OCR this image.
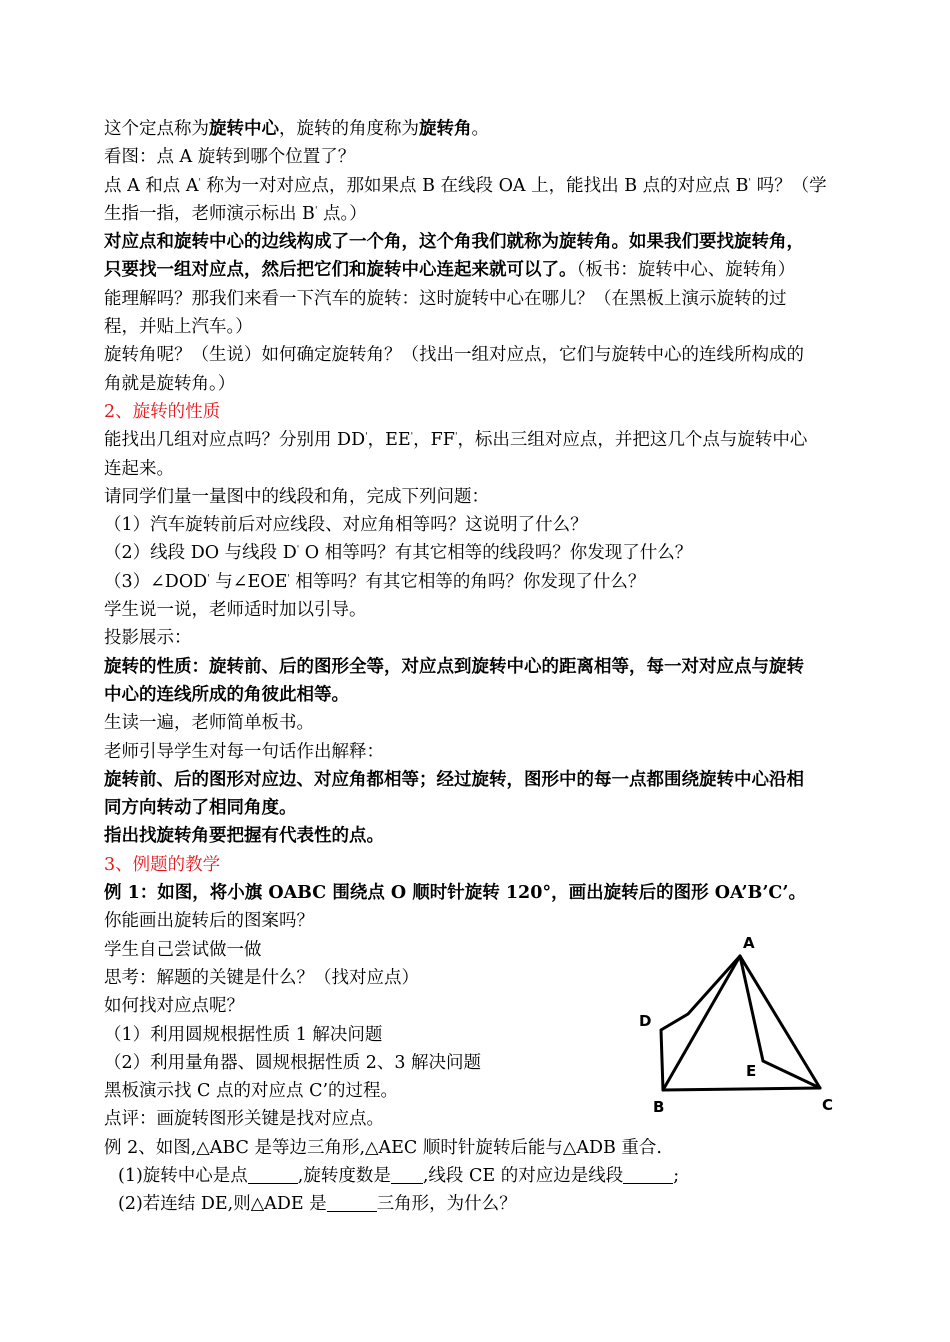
这个定点称为旋转中心，旋转的角度称为旋转角。
看图：点 A 旋转到哪个位置了？
点 A 和点 A' 称为一对对应点，那如果点 B 在线段 OA 上，能找出 B 点的对应点 B' 吗？（学
生指一指，老师演示标出 B' 点。）
对应点和旋转中心的边线构成了一个角，这个角我们就称为旋转角。如果我们要找旋转角，
只要找一组对应点，然后把它们和旋转中心连起来就可以了。（板书：旋转中心、旋转角）
能理解吗？那我们来看一下汽车的旋转：这时旋转中心在哪儿？（在黑板上演示旋转的过
程，并贴上汽车。）
旋转角呢？（生说）如何确定旋转角？（找出一组对应点，它们与旋转中心的连线所构成的
角就是旋转角。）
2、旋转的性质
能找出几组对应点吗？分别用 DD'，EE'，FF'，标出三组对应点，并把这几个点与旋转中心
连起来。
请同学们量一量图中的线段和角，完成下列问题：
（1）汽车旋转前后对应线段、对应角相等吗？这说明了什么？
（2）线段 DO 与线段 D' O 相等吗？有其它相等的线段吗？你发现了什么？
（3）∠DOD' 与∠EOE' 相等吗？有其它相等的角吗？你发现了什么？
学生说一说，老师适时加以引导。
投影展示：
旋转的性质：旋转前、后的图形全等，对应点到旋转中心的距离相等，每一对对应点与旋转
中心的连线所成的角彼此相等。
生读一遍，老师简单板书。
老师引导学生对每一句话作出解释：
旋转前、后的图形对应边、对应角都相等；经过旋转，图形中的每一点都围绕旋转中心沿相
同方向转动了相同角度。
指出找旋转角要把握有代表性的点。
3、例题的教学
例 1：如图，将小旗 OABC 围绕点 O 顺时针旋转 120°，画出旋转后的图形 OA’B’C’。
你能画出旋转后的图案吗？
学生自己尝试做一做
思考：解题的关键是什么？（找对应点）
如何找对应点呢？
（1）利用圆规根据性质 1 解决问题
（2）利用量角器、圆规根据性质 2、3 解决问题
黑板演示找 C 点的对应点 C’的过程。
点评：画旋转图形关键是找对应点。
例 2、如图,△ABC 是等边三角形,△AEC 顺时针旋转后能与△ADB 重合.
(1)旋转中心是点	,旋转度数是 ,线段 CE 的对应边是线段	;
(2)若连结 DE,则△ADE 是	三角形，为什么？
A
B	C
D
E
